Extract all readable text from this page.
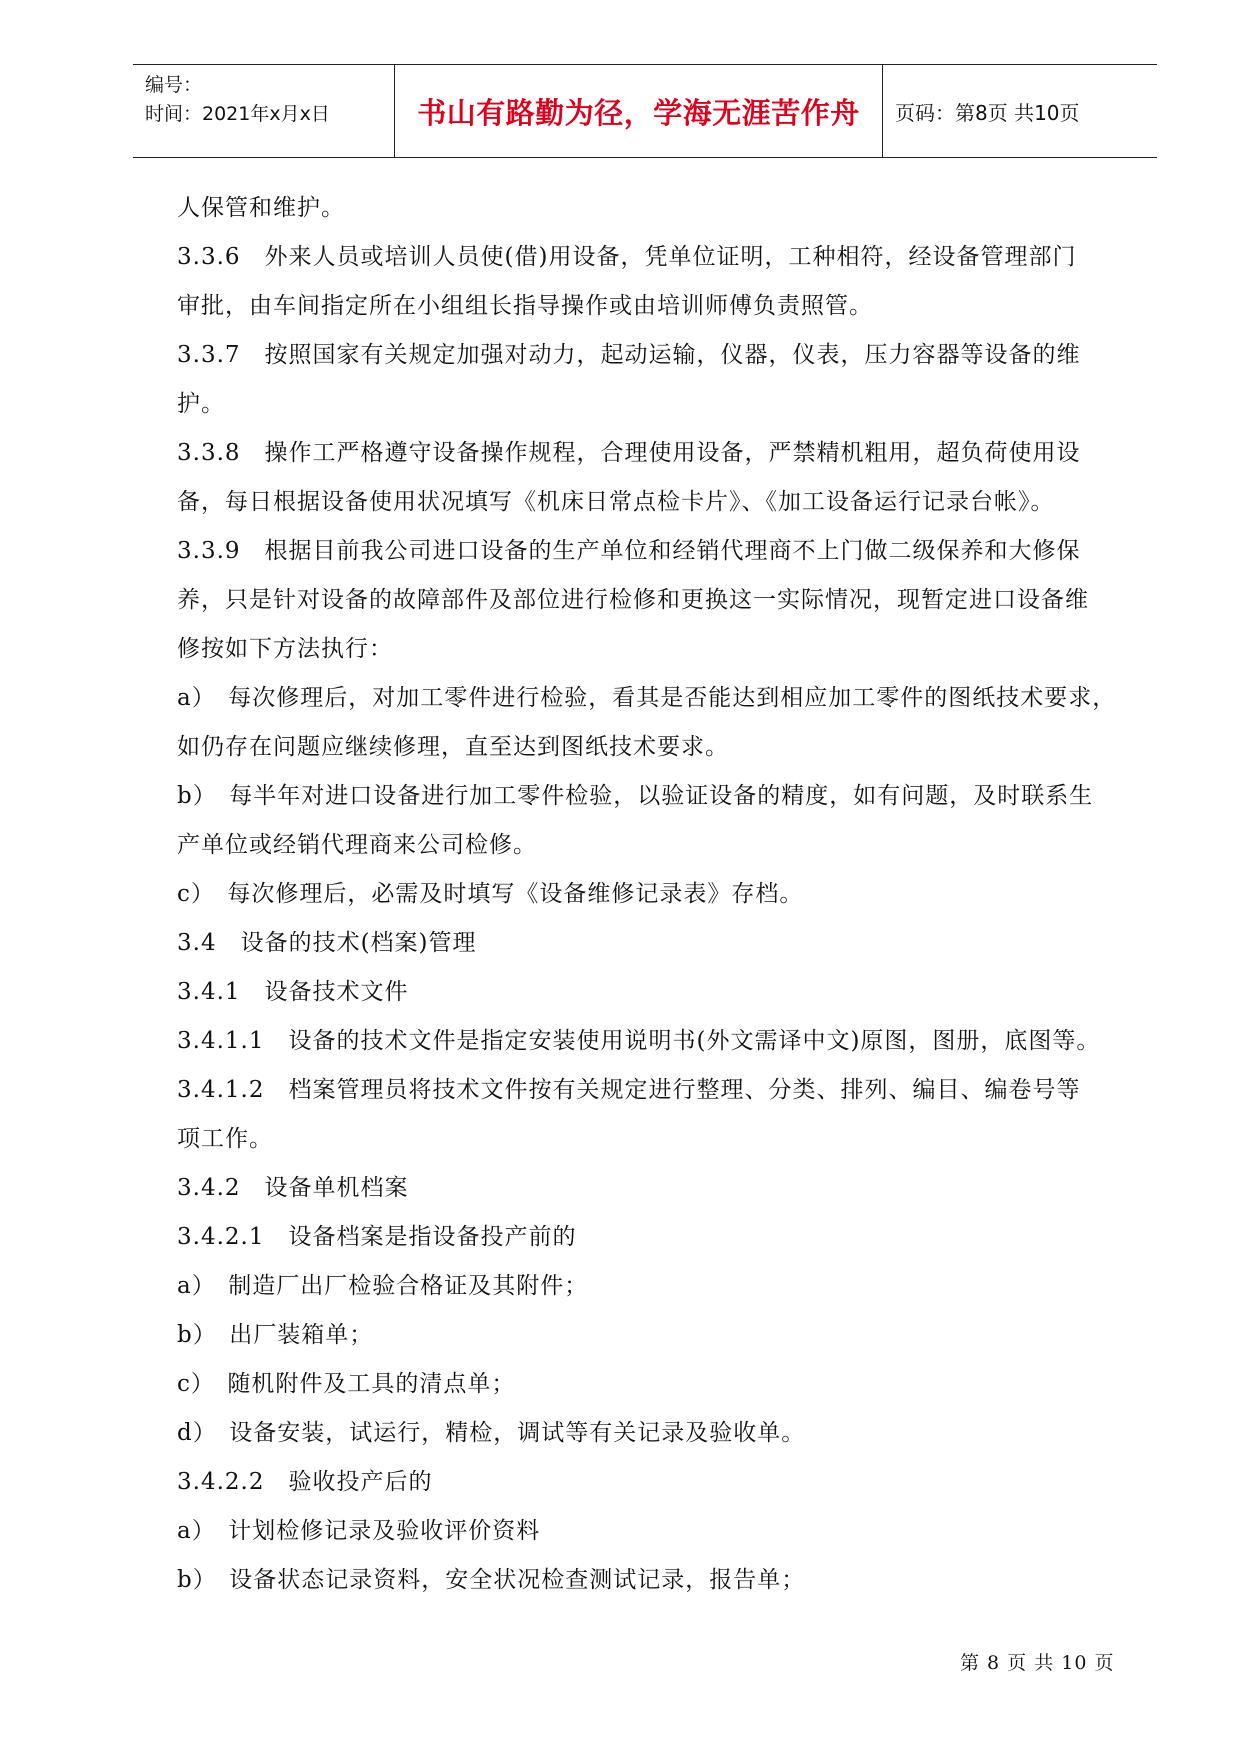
编号：
时间：2021年x月x日	书山有路勤为径，学海无涯苦作舟	页码：第8页 共10页

人保管和维护。

3.3.6　外来人员或培训人员使(借)用设备，凭单位证明，工种相符，经设备管理部门

审批，由车间指定所在小组组长指导操作或由培训师傅负责照管。

3.3.7　按照国家有关规定加强对动力，起动运输，仪器，仪表，压力容器等设备的维

护。

3.3.8　操作工严格遵守设备操作规程，合理使用设备，严禁精机粗用，超负荷使用设

备，每日根据设备使用状况填写《机床日常点检卡片》、《加工设备运行记录台帐》。

3.3.9　根据目前我公司进口设备的生产单位和经销代理商不上门做二级保养和大修保

养，只是针对设备的故障部件及部位进行检修和更换这一实际情况，现暂定进口设备维

修按如下方法执行：

a）　每次修理后，对加工零件进行检验，看其是否能达到相应加工零件的图纸技术要求，

如仍存在问题应继续修理，直至达到图纸技术要求。

b）　每半年对进口设备进行加工零件检验，以验证设备的精度，如有问题，及时联系生

产单位或经销代理商来公司检修。

c）　每次修理后，必需及时填写《设备维修记录表》存档。

3.4　设备的技术(档案)管理

3.4.1　设备技术文件

3.4.1.1　设备的技术文件是指定安装使用说明书(外文需译中文)原图，图册，底图等。

3.4.1.2　档案管理员将技术文件按有关规定进行整理、分类、排列、编目、编卷号等

项工作。

3.4.2　设备单机档案

3.4.2.1　设备档案是指设备投产前的

a）　制造厂出厂检验合格证及其附件；

b）　出厂装箱单；

c）　随机附件及工具的清点单；

d）　设备安装，试运行，精检，调试等有关记录及验收单。

3.4.2.2　验收投产后的

a）　计划检修记录及验收评价资料

b）　设备状态记录资料，安全状况检查测试记录，报告单；

第 8 页 共 10 页
